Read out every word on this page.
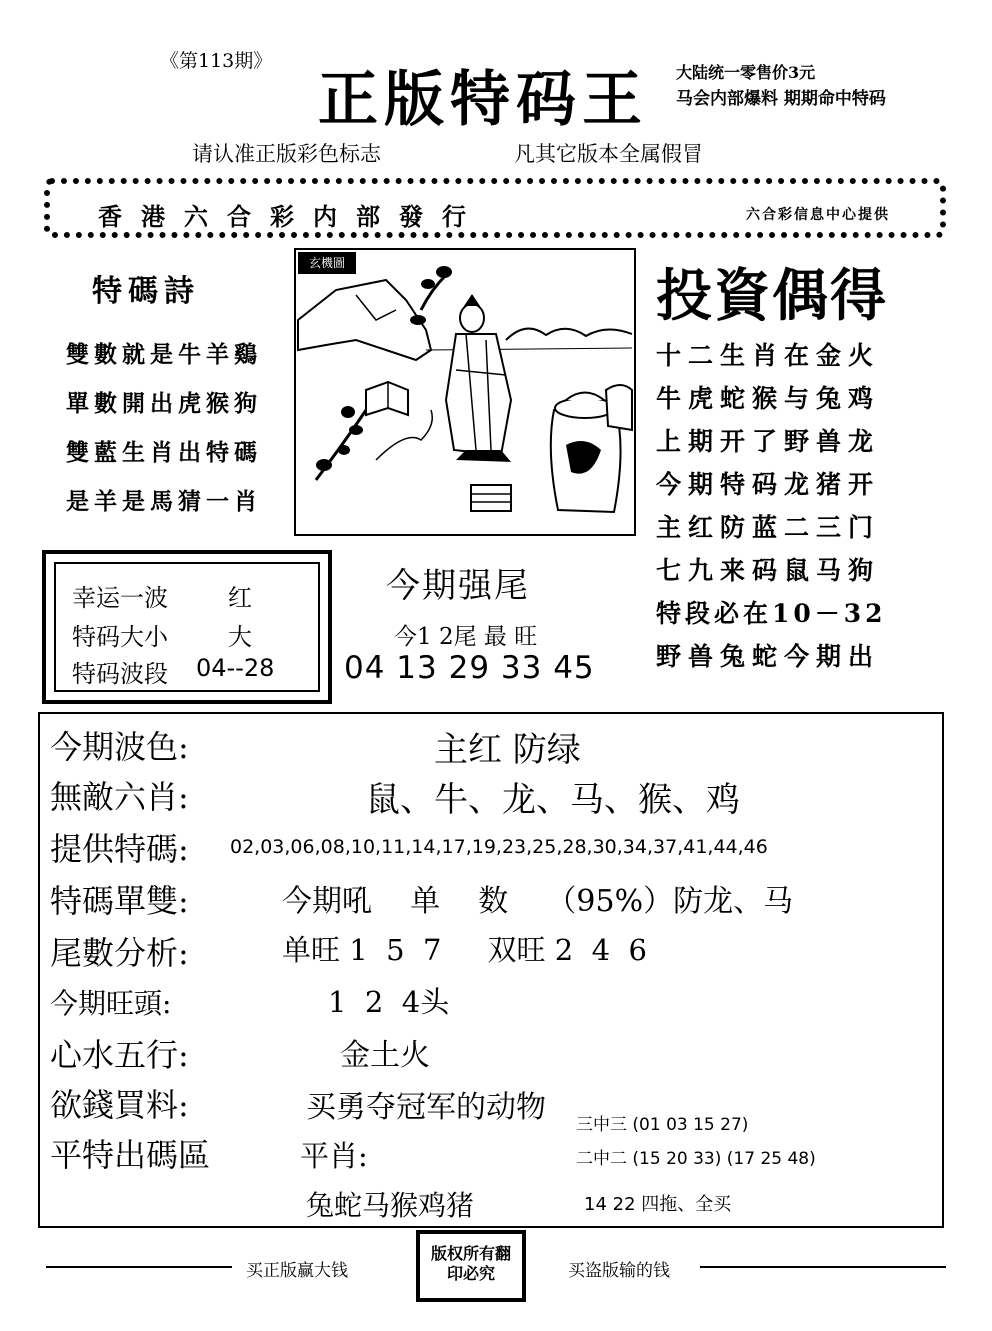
《第113期》
正版特码王 大陆统一零售价3元
马会内部爆料 期期命中特码
请认准正版彩色标志	凡其它版本全属假冒
香港六合彩内部發行	六合彩信息中心提供
特碼詩
雙數就是牛羊鷄
單數開出虎猴狗
雙藍生肖出特碼
是羊是馬猜一肖
玄機圖	投資偶得
十二生肖在金火
牛虎蛇猴与兔鸡
上期开了野兽龙
今期特码龙猪开
主红防蓝二三门
七九来码鼠马狗
特段必在10－32
野兽兔蛇今期出
幸运一波	红
特码大小	大
特码波段 04--28
今期强尾
今1 2尾 最 旺
04 13 29 33 45
今期波色:	主红 防绿
無敵六肖:	鼠、牛、龙、马、猴、鸡
提供特碼: 02,03,06,08,10,11,14,17,19,23,25,28,30,34,37,41,44,46
特碼單雙:	今期吼    单    数    （95%）防龙、马
尾數分析:	单旺 1  5  7     双旺 2  4  6
今期旺頭:	1  2  4头
心水五行:	金土火
欲錢買料:	买勇夺冠军的动物
平特出碼區	平肖:
三中三 (01 03 15 27)
二中二 (15 20 33) (17 25 48)
兔蛇马猴鸡猪	14 22 四拖、全买
买正版赢大钱
版权所有翻印必究	买盗版输的钱
